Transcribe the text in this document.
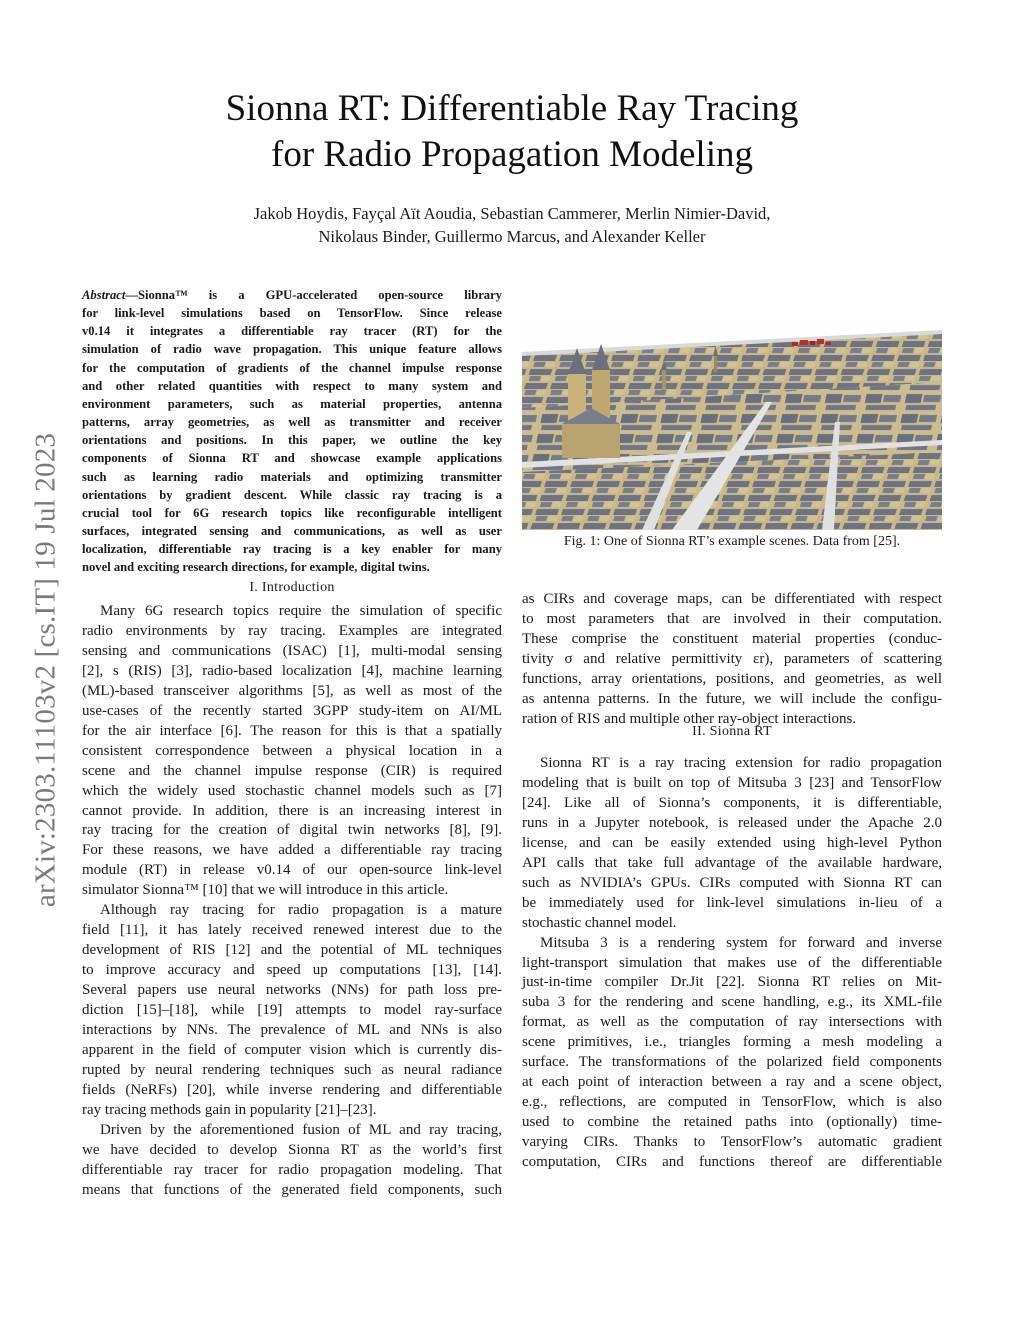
arXiv:2303.11103v2 [cs.IT] 19 Jul 2023
Sionna RT: Differentiable Ray Tracing
for Radio Propagation Modeling
Jakob Hoydis, Fayçal Aït Aoudia, Sebastian Cammerer, Merlin Nimier-David,
Nikolaus Binder, Guillermo Marcus, and Alexander Keller
Abstract—Sionna™ is a GPU-accelerated open-source library
for link-level simulations based on TensorFlow. Since release
v0.14 it integrates a differentiable ray tracer (RT) for the
simulation of radio wave propagation. This unique feature allows
for the computation of gradients of the channel impulse response
and other related quantities with respect to many system and
environment parameters, such as material properties, antenna
patterns, array geometries, as well as transmitter and receiver
orientations and positions. In this paper, we outline the key
components of Sionna RT and showcase example applications
such as learning radio materials and optimizing transmitter
orientations by gradient descent. While classic ray tracing is a
crucial tool for 6G research topics like reconfigurable intelligent
surfaces, integrated sensing and communications, as well as user
localization, differentiable ray tracing is a key enabler for many
novel and exciting research directions, for example, digital twins.

I. Introduction

Many 6G research topics require the simulation of specific
radio environments by ray tracing. Examples are integrated
sensing and communications (ISAC) [1], multi-modal sensing
[2], s (RIS) [3], radio-based localization [4], machine learning
(ML)-based transceiver algorithms [5], as well as most of the
use-cases of the recently started 3GPP study-item on AI/ML
for the air interface [6]. The reason for this is that a spatially
consistent correspondence between a physical location in a
scene and the channel impulse response (CIR) is required
which the widely used stochastic channel models such as [7]
cannot provide. In addition, there is an increasing interest in
ray tracing for the creation of digital twin networks [8], [9].
For these reasons, we have added a differentiable ray tracing
module (RT) in release v0.14 of our open-source link-level
simulator Sionna™ [10] that we will introduce in this article.
Although ray tracing for radio propagation is a mature
field [11], it has lately received renewed interest due to the
development of RIS [12] and the potential of ML techniques
to improve accuracy and speed up computations [13], [14].
Several papers use neural networks (NNs) for path loss pre-
diction [15]–[18], while [19] attempts to model ray-surface
interactions by NNs. The prevalence of ML and NNs is also
apparent in the field of computer vision which is currently dis-
rupted by neural rendering techniques such as neural radiance
fields (NeRFs) [20], while inverse rendering and differentiable
ray tracing methods gain in popularity [21]–[23].
Driven by the aforementioned fusion of ML and ray tracing,
we have decided to develop Sionna RT as the world’s first
differentiable ray tracer for radio propagation modeling. That
means that functions of the generated field components, such
Fig. 1: One of Sionna RT’s example scenes. Data from [25].
as CIRs and coverage maps, can be differentiated with respect
to most parameters that are involved in their computation.
These comprise the constituent material properties (conduc-
tivity σ and relative permittivity εr), parameters of scattering
functions, array orientations, positions, and geometries, as well
as antenna patterns. In the future, we will include the configu-
ration of RIS and multiple other ray-object interactions.

II. Sionna RT

Sionna RT is a ray tracing extension for radio propagation
modeling that is built on top of Mitsuba 3 [23] and TensorFlow
[24]. Like all of Sionna’s components, it is differentiable,
runs in a Jupyter notebook, is released under the Apache 2.0
license, and can be easily extended using high-level Python
API calls that take full advantage of the available hardware,
such as NVIDIA’s GPUs. CIRs computed with Sionna RT can
be immediately used for link-level simulations in-lieu of a
stochastic channel model.
Mitsuba 3 is a rendering system for forward and inverse
light-transport simulation that makes use of the differentiable
just-in-time compiler Dr.Jit [22]. Sionna RT relies on Mit-
suba 3 for the rendering and scene handling, e.g., its XML-file
format, as well as the computation of ray intersections with
scene primitives, i.e., triangles forming a mesh modeling a
surface. The transformations of the polarized field components
at each point of interaction between a ray and a scene object,
e.g., reflections, are computed in TensorFlow, which is also
used to combine the retained paths into (optionally) time-
varying CIRs. Thanks to TensorFlow’s automatic gradient
computation, CIRs and functions thereof are differentiable
